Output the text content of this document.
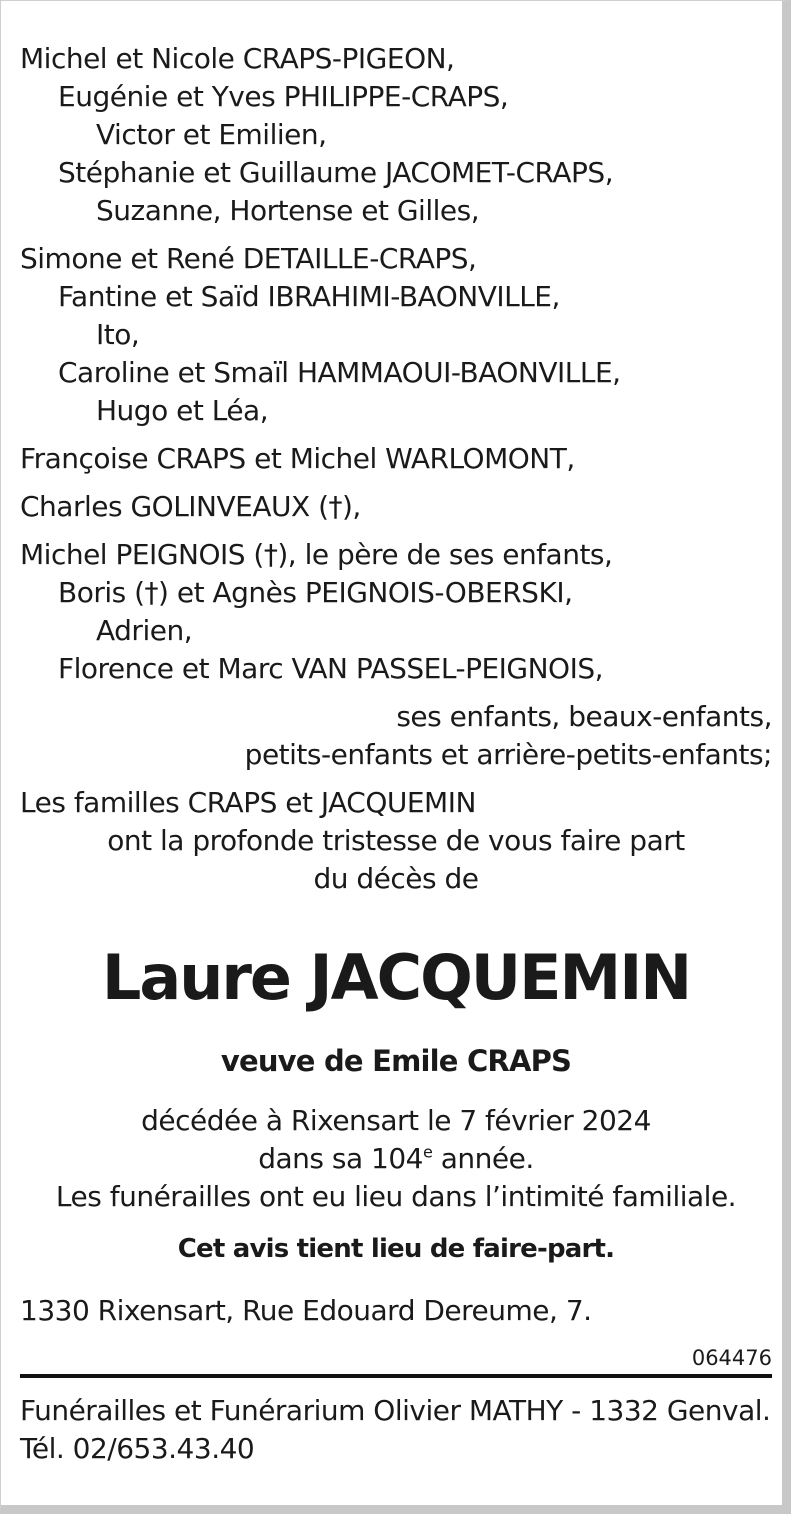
Michel et Nicole CRAPS-PIGEON,
Eugénie et Yves PHILIPPE-CRAPS,
Victor et Emilien,
Stéphanie et Guillaume JACOMET-CRAPS,
Suzanne, Hortense et Gilles,
Simone et René DETAILLE-CRAPS,
Fantine et Saïd IBRAHIMI-BAONVILLE,
Ito,
Caroline et Smaïl HAMMAOUI-BAONVILLE,
Hugo et Léa,
Françoise CRAPS et Michel WARLOMONT,
Charles GOLINVEAUX (†),
Michel PEIGNOIS (†), le père de ses enfants,
Boris (†) et Agnès PEIGNOIS-OBERSKI,
Adrien,
Florence et Marc VAN PASSEL-PEIGNOIS,
ses enfants, beaux-enfants,
petits-enfants et arrière-petits-enfants;
Les familles CRAPS et JACQUEMIN
ont la profonde tristesse de vous faire part
du décès de
Laure JACQUEMIN
veuve de Emile CRAPS
décédée à Rixensart le 7 février 2024
dans sa 104e année.
Les funérailles ont eu lieu dans l’intimité familiale.
Cet avis tient lieu de faire-part.
1330 Rixensart, Rue Edouard Dereume, 7.
064476
Funérailles et Funérarium Olivier MATHY - 1332 Genval.
Tél. 02/653.43.40
